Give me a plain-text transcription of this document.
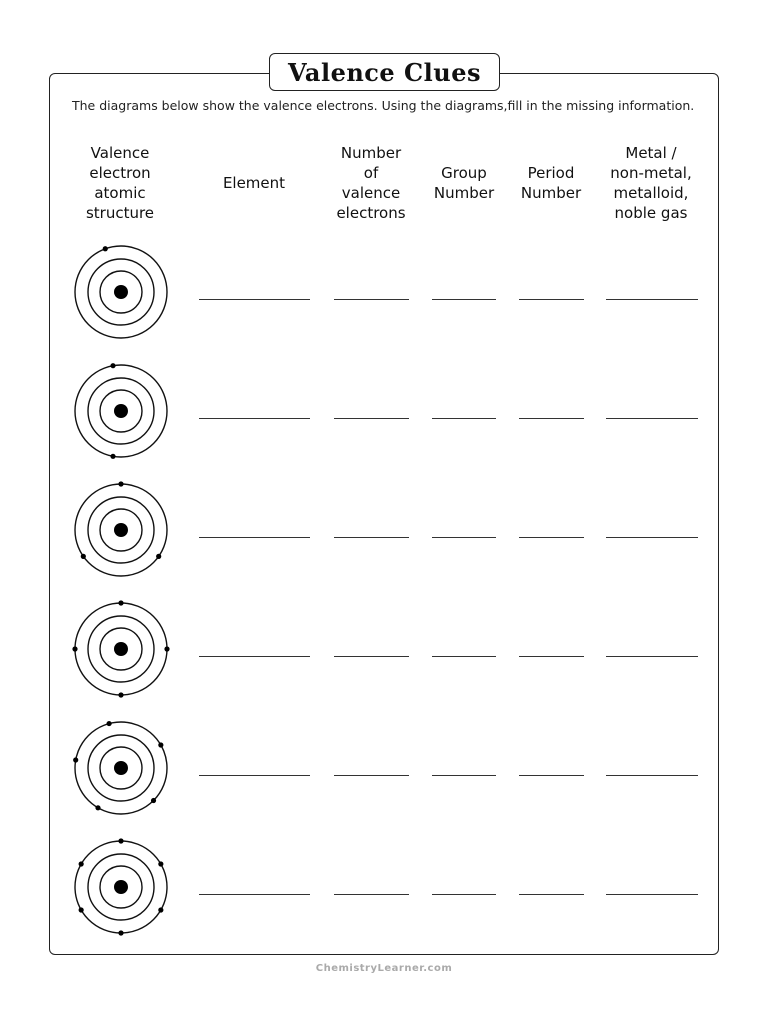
Valence Clues
The diagrams below show the valence electrons. Using the diagrams,fill in the missing information.
Valence
electron
atomic
structure
Element
Number
of
valence
electrons
Group
Number
Period
Number
Metal /
non-metal,
metalloid,
noble gas
ChemistryLearner.com
